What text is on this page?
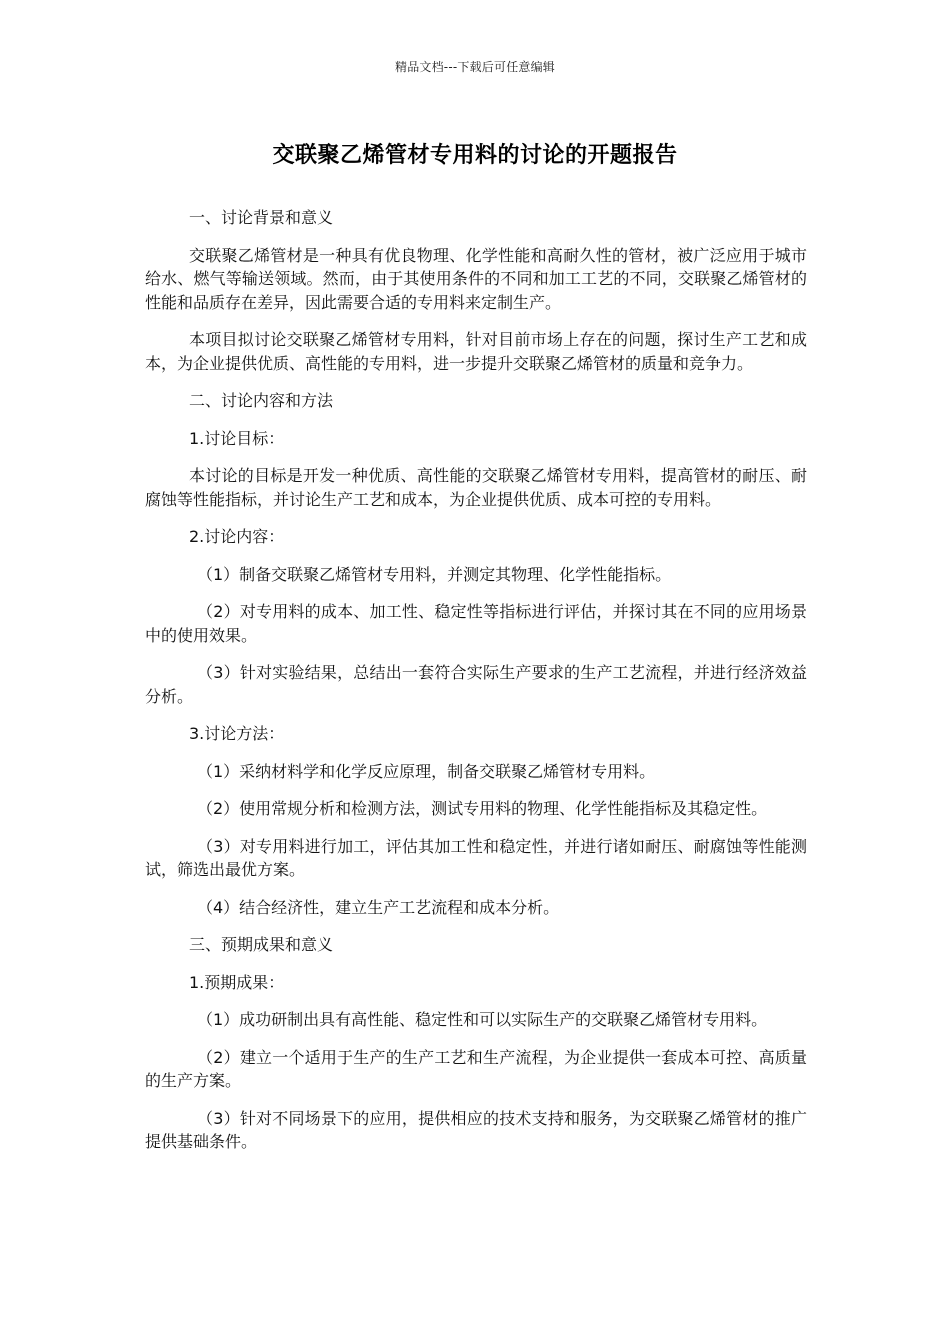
精品文档---下载后可任意编辑
交联聚乙烯管材专用料的讨论的开题报告

一、讨论背景和意义

交联聚乙烯管材是一种具有优良物理、化学性能和高耐久性的管材，被广泛应用于城市给水、燃气等输送领域。然而，由于其使用条件的不同和加工工艺的不同，交联聚乙烯管材的性能和品质存在差异，因此需要合适的专用料来定制生产。

本项目拟讨论交联聚乙烯管材专用料，针对目前市场上存在的问题，探讨生产工艺和成本，为企业提供优质、高性能的专用料，进一步提升交联聚乙烯管材的质量和竞争力。

二、讨论内容和方法

1.讨论目标：

本讨论的目标是开发一种优质、高性能的交联聚乙烯管材专用料，提高管材的耐压、耐腐蚀等性能指标，并讨论生产工艺和成本，为企业提供优质、成本可控的专用料。

2.讨论内容：

（1）制备交联聚乙烯管材专用料，并测定其物理、化学性能指标。

（2）对专用料的成本、加工性、稳定性等指标进行评估，并探讨其在不同的应用场景中的使用效果。

（3）针对实验结果，总结出一套符合实际生产要求的生产工艺流程，并进行经济效益分析。

3.讨论方法：

（1）采纳材料学和化学反应原理，制备交联聚乙烯管材专用料。

（2）使用常规分析和检测方法，测试专用料的物理、化学性能指标及其稳定性。

（3）对专用料进行加工，评估其加工性和稳定性，并进行诸如耐压、耐腐蚀等性能测试，筛选出最优方案。

（4）结合经济性，建立生产工艺流程和成本分析。

三、预期成果和意义

1.预期成果：

（1）成功研制出具有高性能、稳定性和可以实际生产的交联聚乙烯管材专用料。

（2）建立一个适用于生产的生产工艺和生产流程，为企业提供一套成本可控、高质量的生产方案。

（3）针对不同场景下的应用，提供相应的技术支持和服务，为交联聚乙烯管材的推广提供基础条件。
